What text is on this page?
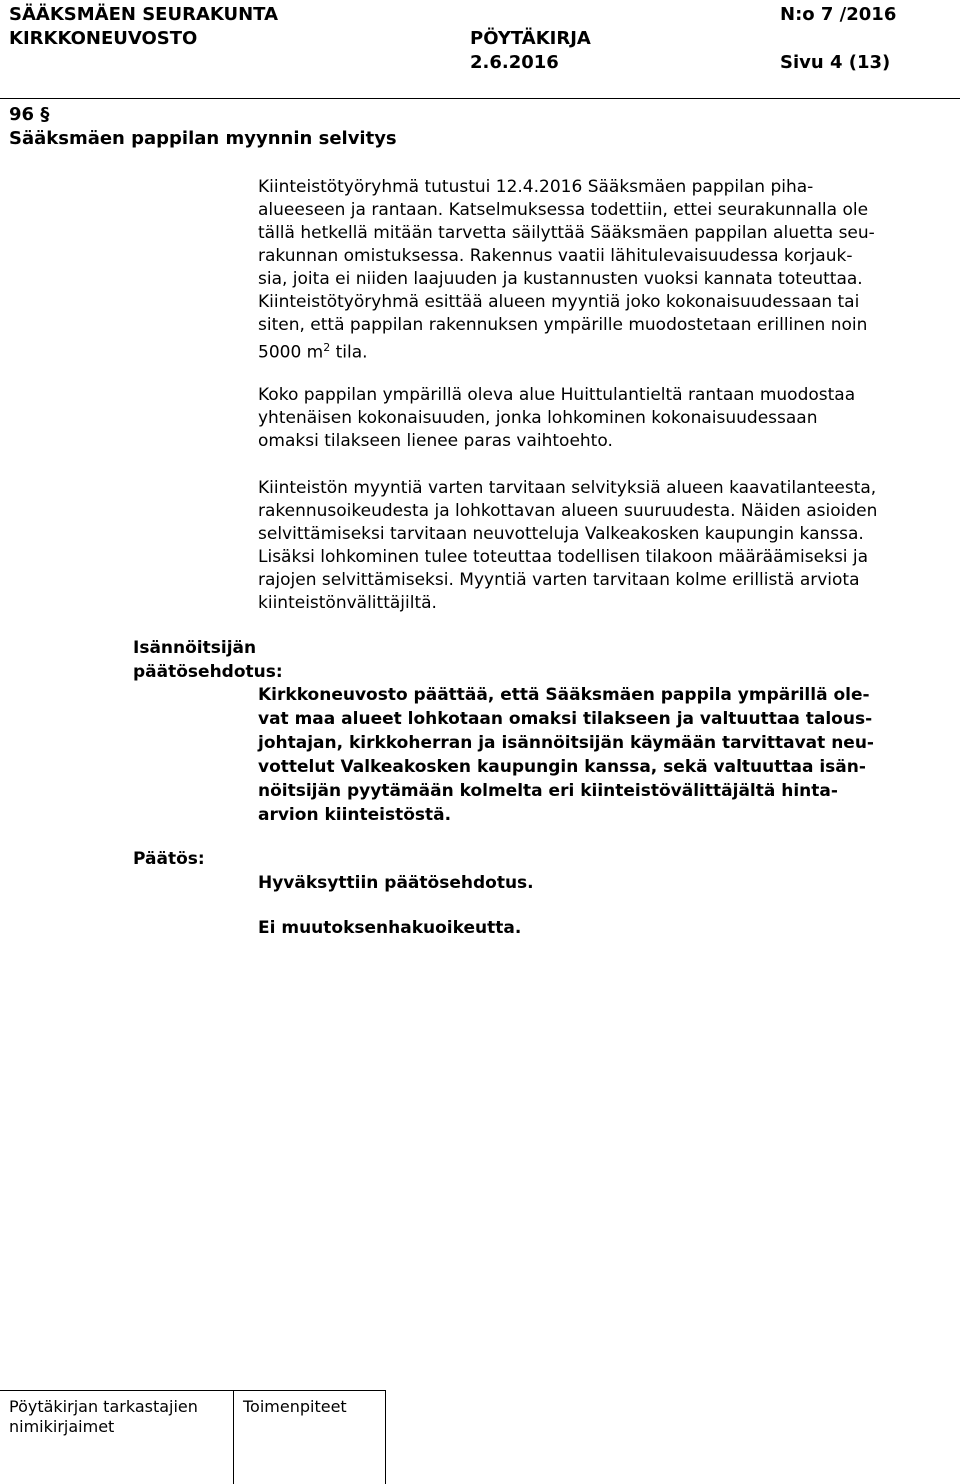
SÄÄKSMÄEN SEURAKUNTA
KIRKKONEUVOSTO	PÖYTÄKIRJA
2.6.2016
N:o 7 /2016
Sivu 4 (13)
96 §
Sääksmäen pappilan myynnin selvitys
Kiinteistötyöryhmä tutustui 12.4.2016 Sääksmäen pappilan piha-
alueeseen ja rantaan. Katselmuksessa todettiin, ettei seurakunnalla ole
tällä hetkellä mitään tarvetta säilyttää Sääksmäen pappilan aluetta seu-
rakunnan omistuksessa. Rakennus vaatii lähitulevaisuudessa korjauk-
sia, joita ei niiden laajuuden ja kustannusten vuoksi kannata toteuttaa.
Kiinteistötyöryhmä esittää alueen myyntiä joko kokonaisuudessaan tai
siten, että pappilan rakennuksen ympärille muodostetaan erillinen noin
5000 $m^2$ tila.
Koko pappilan ympärillä oleva alue Huittulantieltä rantaan muodostaa
yhtenäisen kokonaisuuden, jonka lohkominen kokonaisuudessaan
omaksi tilakseen lienee paras vaihtoehto.
Kiinteistön myyntiä varten tarvitaan selvityksiä alueen kaavatilanteesta,
rakennusoikeudesta ja lohkottavan alueen suuruudesta. Näiden asioiden
selvittämiseksi tarvitaan neuvotteluja Valkeakosken kaupungin kanssa.
Lisäksi lohkominen tulee toteuttaa todellisen tilakoon määräämiseksi ja
rajojen selvittämiseksi. Myyntiä varten tarvitaan kolme erillistä arviota
kiinteistönvälittäjiltä.
Isännöitsijän
päätösehdotus:
Kirkkoneuvosto päättää, että Sääksmäen pappila ympärillä ole-
vat maa alueet lohkotaan omaksi tilakseen ja valtuuttaa talous-
johtajan, kirkkoherran ja isännöitsijän käymään tarvittavat neu-
vottelut Valkeakosken kaupungin kanssa, sekä valtuuttaa isän-
nöitsijän pyytämään kolmelta eri kiinteistövälittäjältä hinta-
arvion kiinteistöstä.
Päätös:
Hyväksyttiin päätösehdotus.
Ei muutoksenhakuoikeutta.
Pöytäkirjan tarkastajien
nimikirjaimet
Toimenpiteet
